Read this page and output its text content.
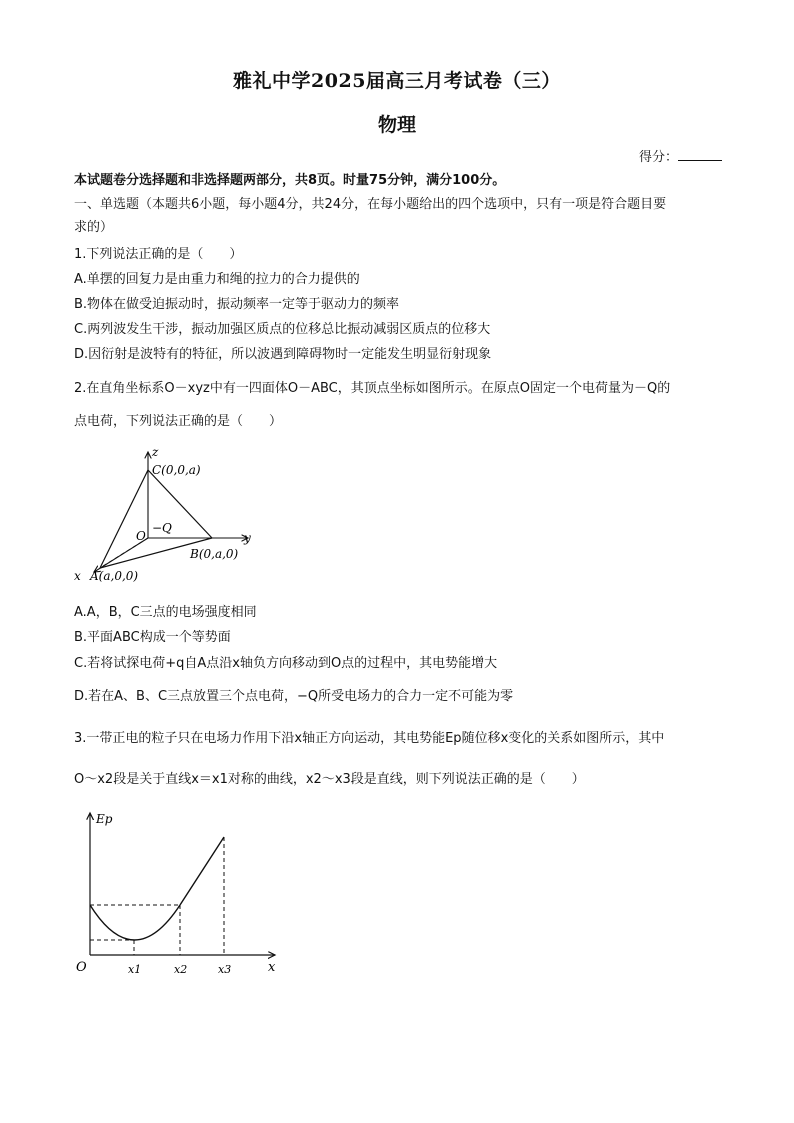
雅礼中学2025届高三月考试卷（三）
物理
得分：
本试题卷分选择题和非选择题两部分，共8页。时量75分钟，满分100分。
一、单选题（本题共6小题，每小题4分，共24分，在每小题给出的四个选项中，只有一项是符合题目要
求的）
1.下列说法正确的是（　　）
A.单摆的回复力是由重力和绳的拉力的合力提供的
B.物体在做受迫振动时，振动频率一定等于驱动力的频率
C.两列波发生干涉，振动加强区质点的位移总比振动减弱区质点的位移大
D.因衍射是波特有的特征，所以波遇到障碍物时一定能发生明显衍射现象
2.在直角坐标系O－xyz中有一四面体O－ABC，其顶点坐标如图所示。在原点O固定一个电荷量为－Q的
点电荷，下列说法正确的是（　　）
z
C(0,0,a)
−Q
O	y
B(0,a,0)
x A(a,0,0)
A.A，B，C三点的电场强度相同
B.平面ABC构成一个等势面
C.若将试探电荷+q自A点沿x轴负方向移动到O点的过程中，其电势能增大
D.若在A、B、C三点放置三个点电荷，−Q所受电场力的合力一定不可能为零
3.一带正电的粒子只在电场力作用下沿x轴正方向运动，其电势能Ep随位移x变化的关系如图所示，其中
O～x2段是关于直线x＝x1对称的曲线，x2～x3段是直线，则下列说法正确的是（　　）
Ep
O	x1	x2	x3	x
